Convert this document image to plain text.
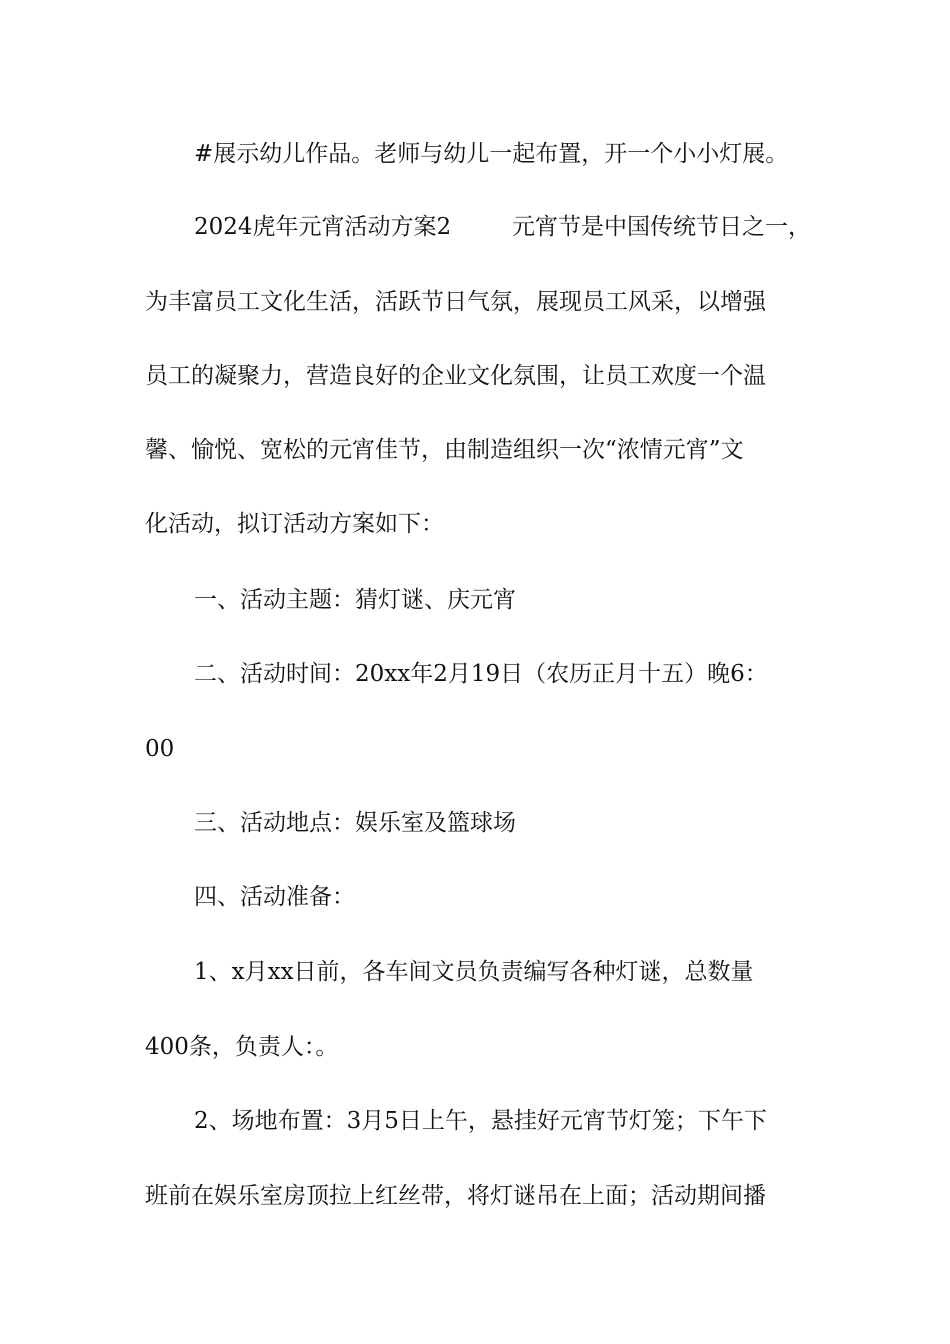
#展示幼儿作品。老师与幼儿一起布置，开一个小小灯展。
2024虎年元宵活动方案2	元宵节是中国传统节日之一，
为丰富员工文化生活，活跃节日气氛，展现员工风采，以增强
员工的凝聚力，营造良好的企业文化氛围，让员工欢度一个温
馨、愉悦、宽松的元宵佳节，由制造组织一次“浓情元宵”文
化活动，拟订活动方案如下：
一、活动主题：猜灯谜、庆元宵
二、活动时间：20xx年2月19日（农历正月十五）晚6：
00
三、活动地点：娱乐室及篮球场
四、活动准备：
1、x月xx日前，各车间文员负责编写各种灯谜，总数量
400条，负责人：。
2、场地布置：3月5日上午，悬挂好元宵节灯笼；下午下
班前在娱乐室房顶拉上红丝带，将灯谜吊在上面；活动期间播
